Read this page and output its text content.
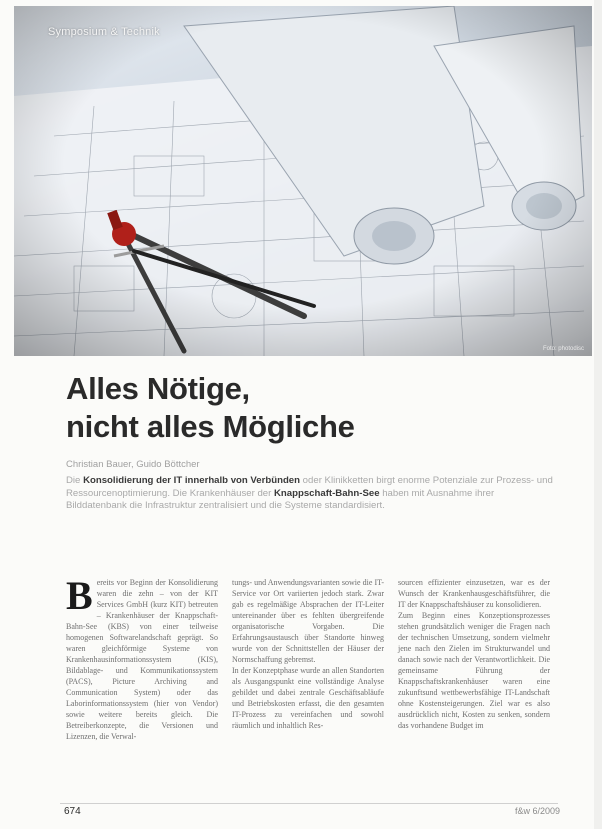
Symposium & Technik
Foto: photodisc
Alles Nötige,
nicht alles Mögliche
Christian Bauer, Guido Böttcher
Die Konsolidierung der IT innerhalb von Verbünden oder Klinikketten birgt enorme Potenziale zur Prozess- und Ressourcenoptimierung. Die Krankenhäuser der Knappschaft-Bahn-See haben mit Ausnahme ihrer Bilddatenbank die Infrastruktur zentralisiert und die Systeme standardisiert.
Bereits vor Beginn der Konsolidierung waren die zehn – von der KIT Services GmbH (kurz KIT) betreuten – Krankenhäuser der Knappschaft-Bahn-See (KBS) von einer teilweise homogenen Softwarelandschaft geprägt. So waren gleichförmige Systeme von Krankenhausinformationssystem (KIS), Bildablage- und Kommunikationssystem (PACS), Picture Archiving and Communication System) oder das Laborinformationssystem (hier von Vendor) sowie weitere bereits gleich. Die Betreiberkonzepte, die Versionen und Lizenzen, die Verwal-
tungs- und Anwendungsvarianten sowie die IT-Service vor Ort variierten jedoch stark. Zwar gab es regelmäßige Absprachen der IT-Leiter untereinander über es fehlten übergreifende organisatorische Vorgaben. Die Erfahrungsaustausch über Standorte hinweg wurde von der Schnittstellen der Häuser der Normschaffung gebremst.
In der Konzeptphase wurde an allen Standorten als Ausgangspunkt eine vollständige Analyse gebildet und dabei zentrale Geschäftsabläufe und Betriebskosten erfasst, die den gesamten IT-Prozess zu vereinfachen und sowohl räumlich und inhaltlich Res-
sourcen effizienter einzusetzen, war es der Wunsch der Krankenhausgeschäftsführer, die IT der Knappschaftshäuser zu konsolidieren.
Zum Beginn eines Konzeptionsprozesses stehen grundsätzlich weniger die Fragen nach der technischen Umsetzung, sondern vielmehr jene nach den Zielen im Strukturwandel und danach sowie nach der Verantwortlichkeit. Die gemeinsame Führung der Knappschaftskrankenhäuser waren eine zukunftsund wettbewerbsfähige IT-Landschaft ohne Kostensteigerungen. Ziel war es also ausdrücklich nicht, Kosten zu senken, sondern das vorhandene Budget im
674	f&w 6/2009
